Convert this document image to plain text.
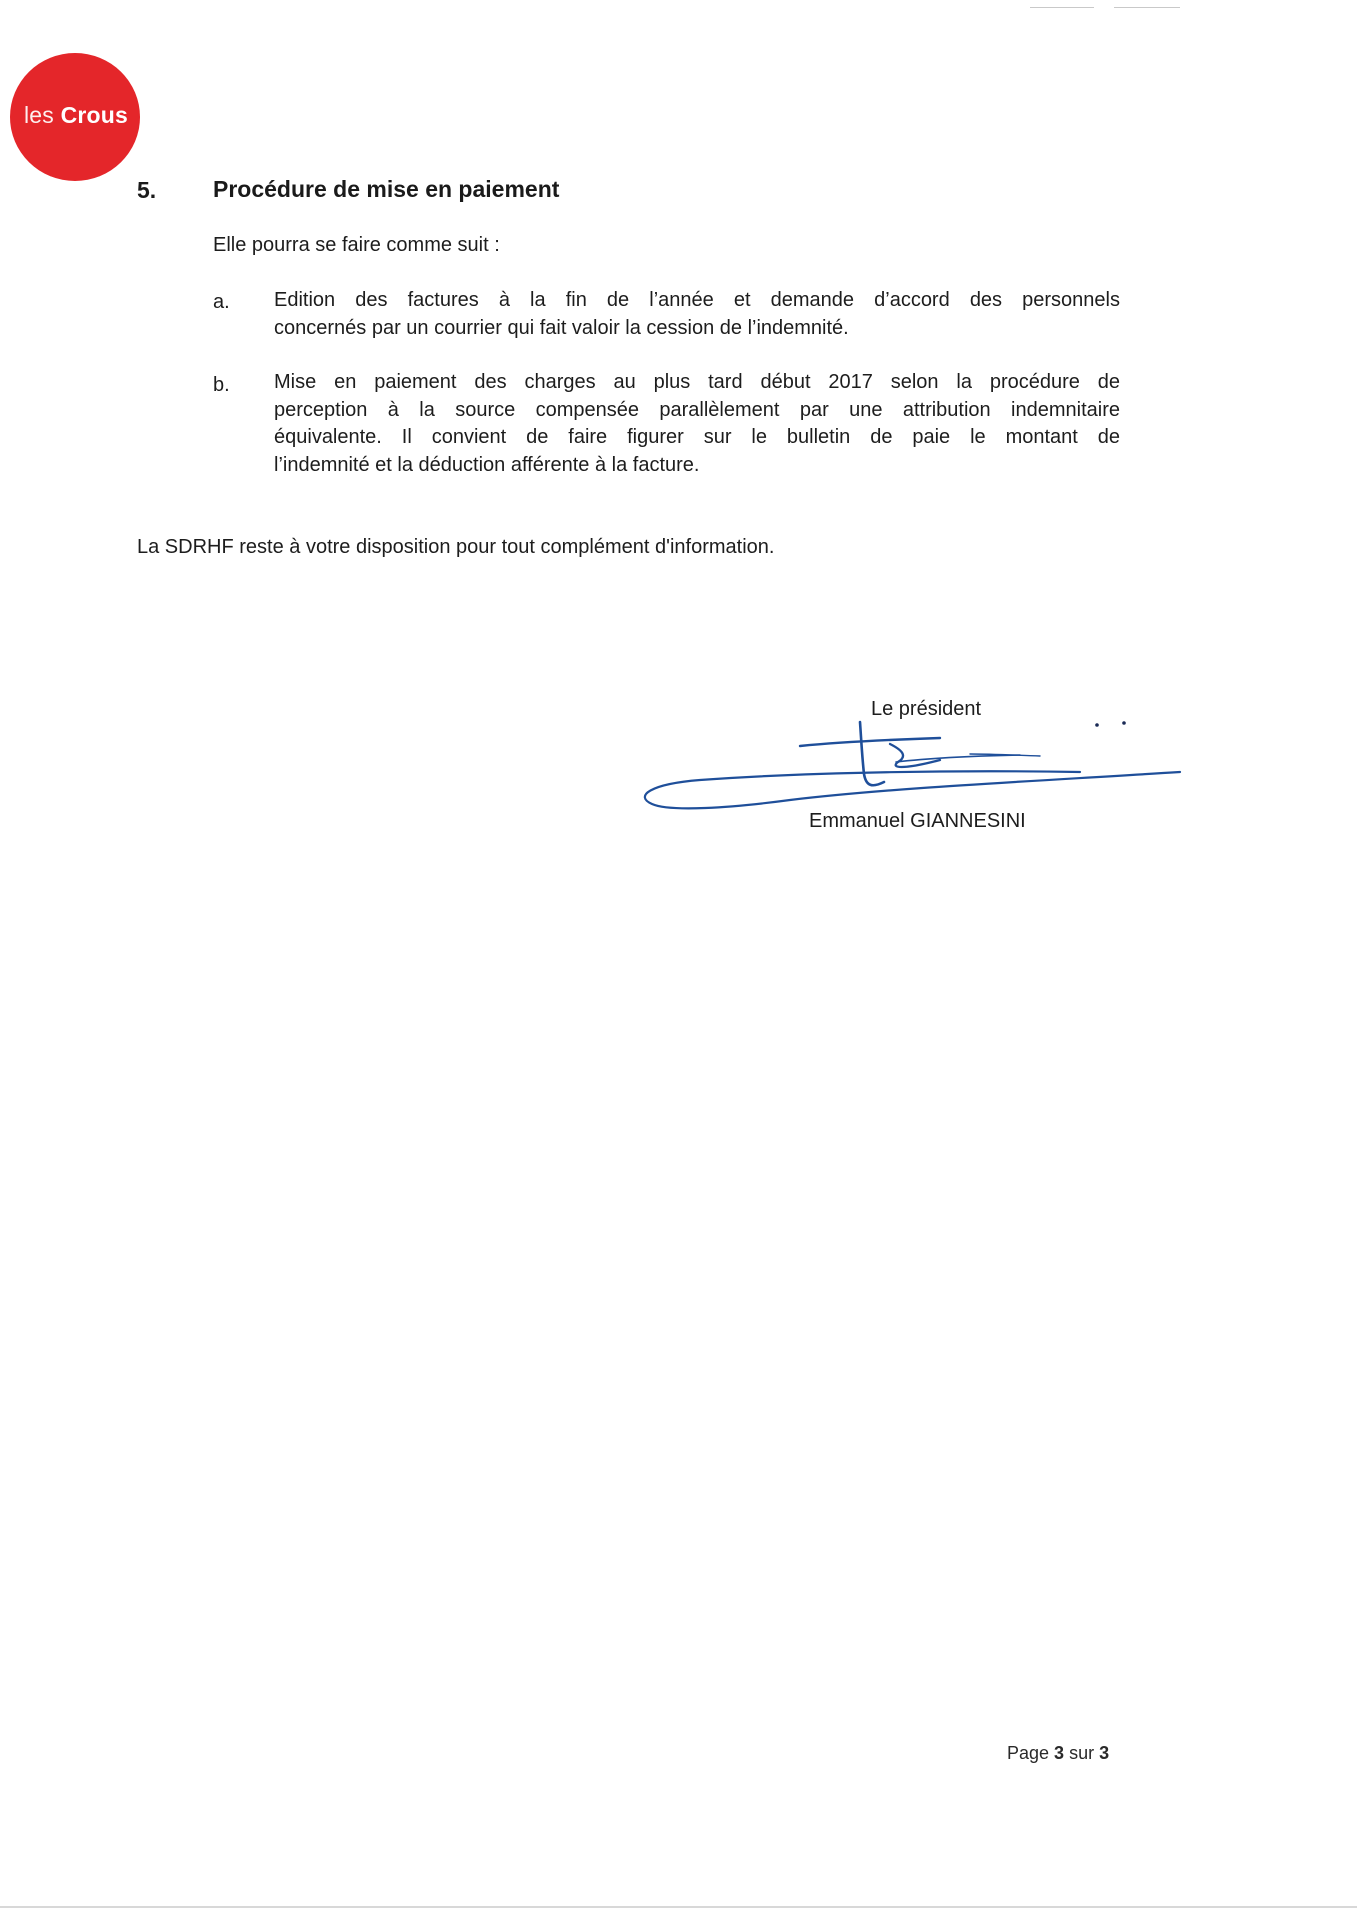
les Crous
5. Procédure de mise en paiement
Elle pourra se faire comme suit :
a. Edition des factures à la fin de l’année et demande d’accord des personnels
concernés par un courrier qui fait valoir la cession de l’indemnité.
b. Mise en paiement des charges au plus tard début 2017 selon la procédure de
perception à la source compensée parallèlement par une attribution indemnitaire
équivalente. Il convient de faire figurer sur le bulletin de paie le montant de
l’indemnité et la déduction afférente à la facture.
La SDRHF reste à votre disposition pour tout complément d'information.
Le président
Emmanuel GIANNESINI
Page 3 sur 3
